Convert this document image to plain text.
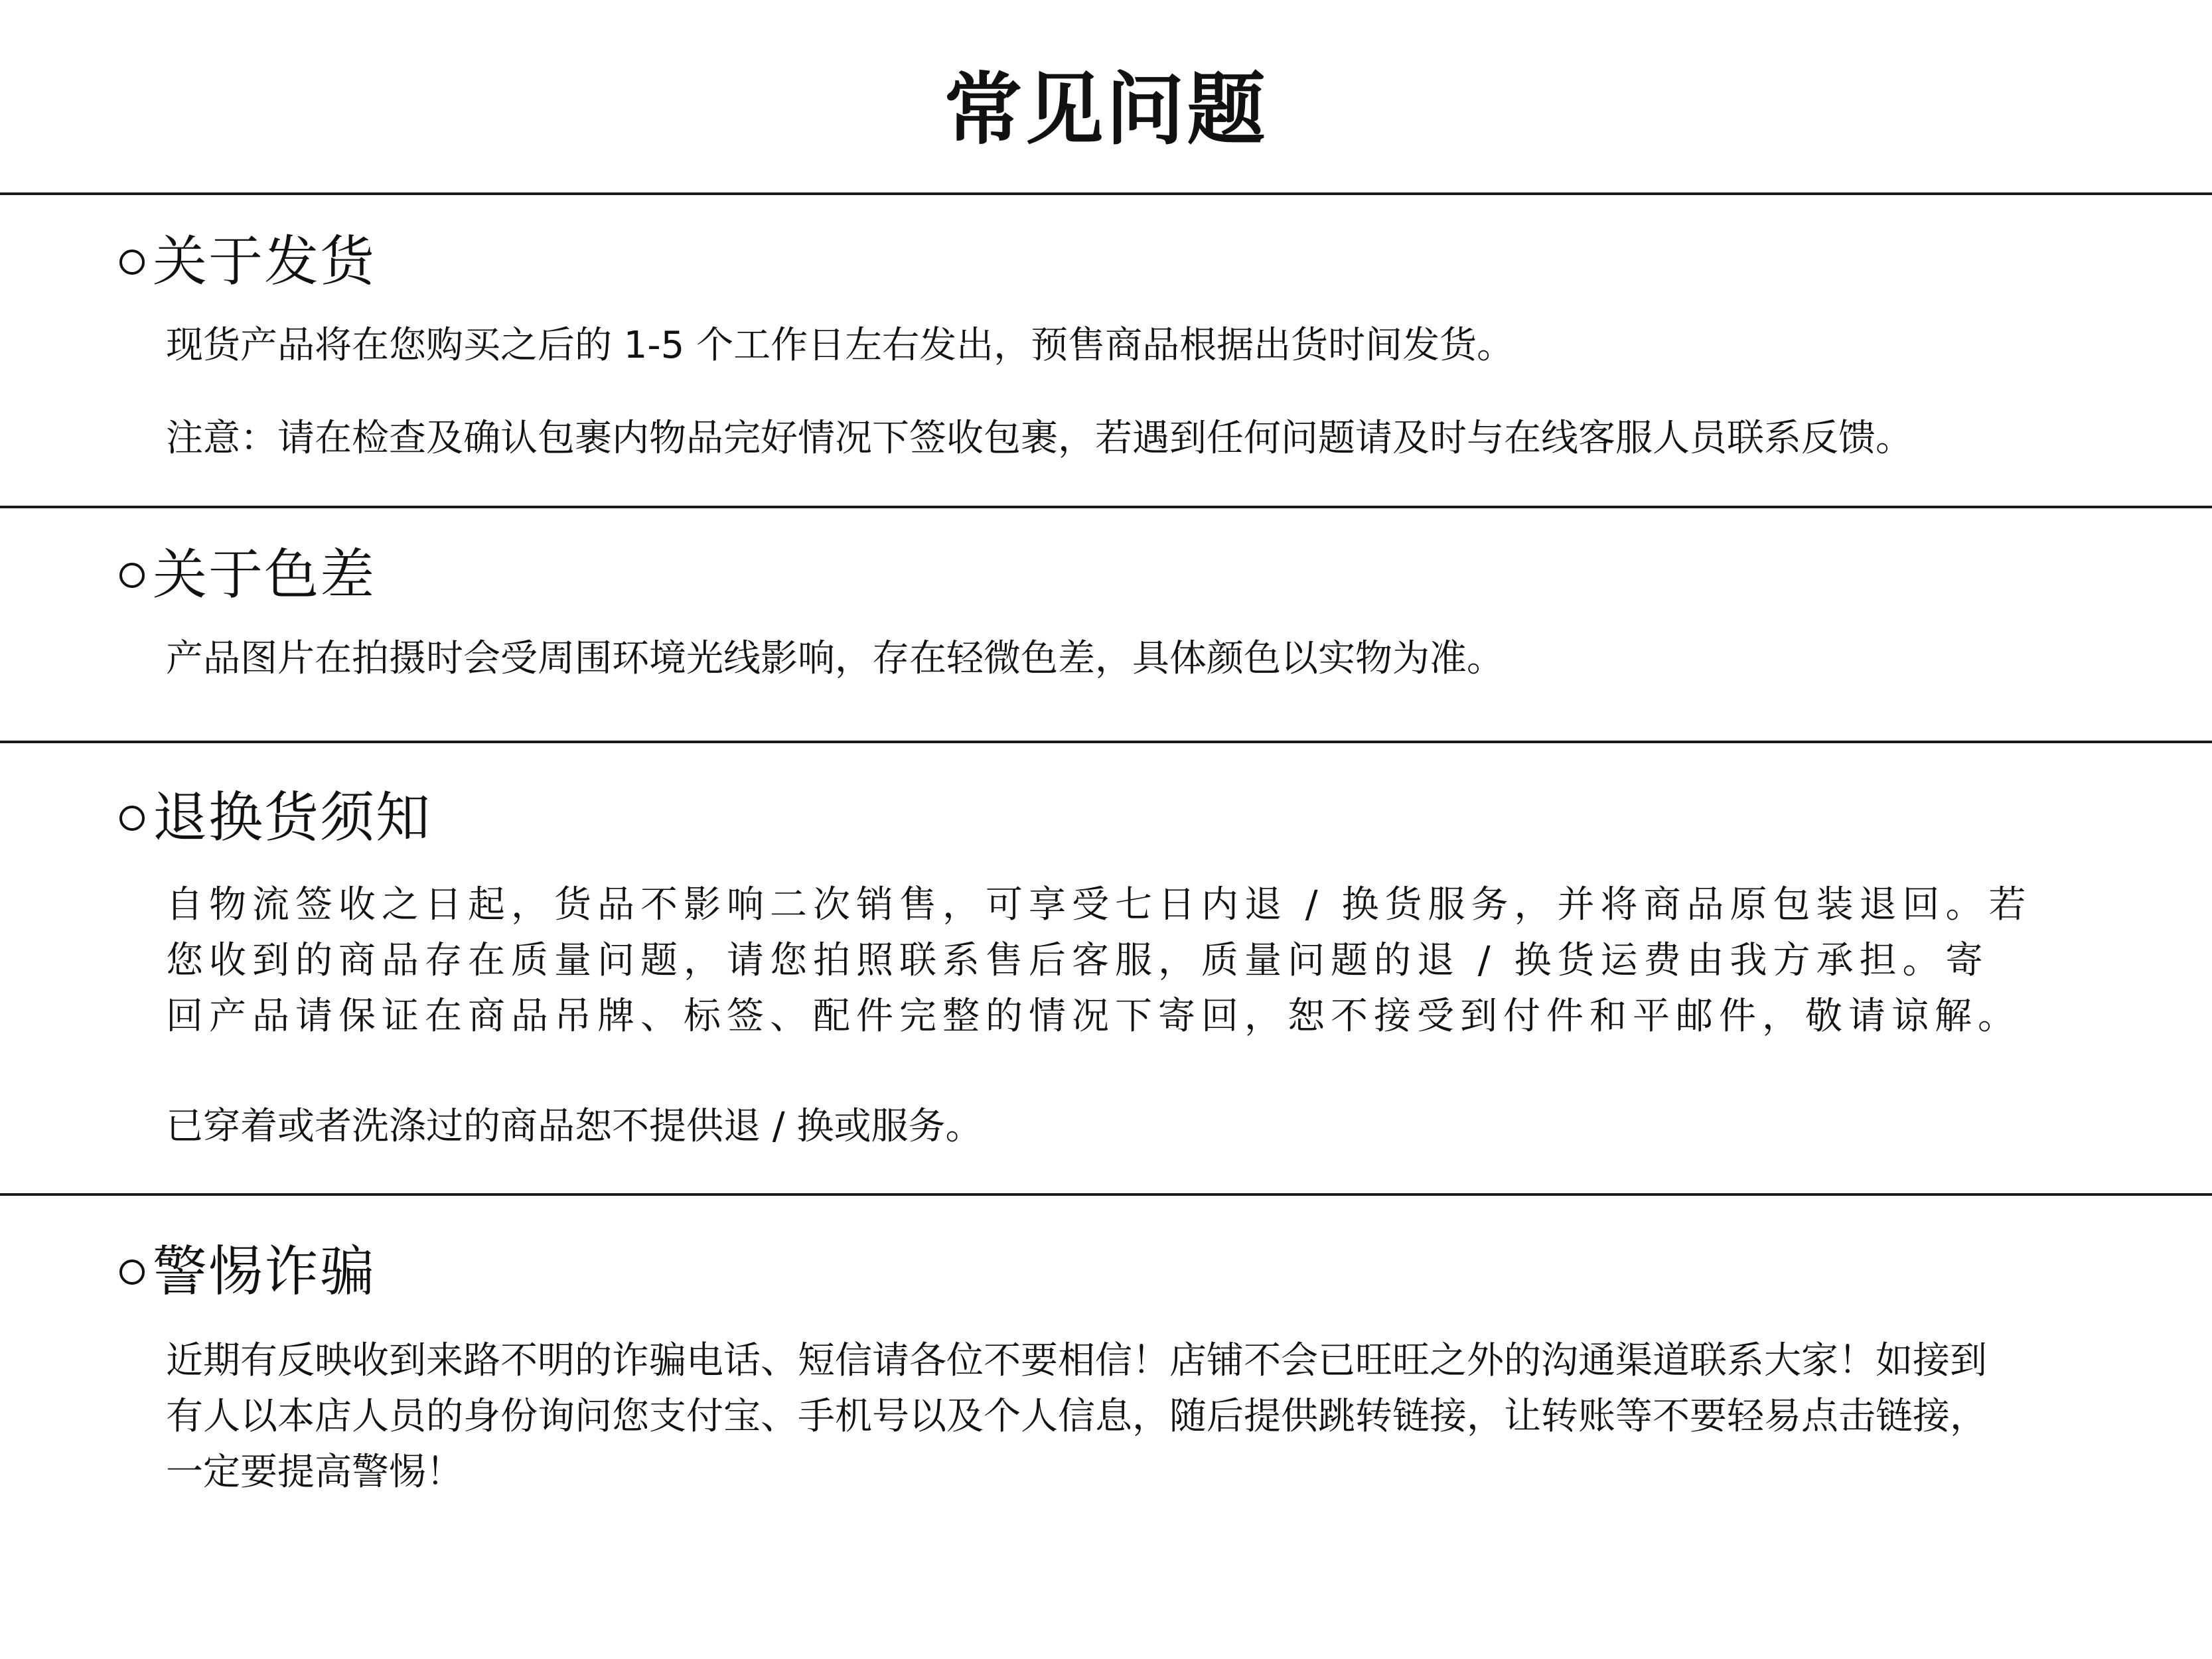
常见问题
关于发货

现货产品将在您购买之后的 1-5 个工作日左右发出，预售商品根据出货时间发货。

注意：请在检查及确认包裹内物品完好情况下签收包裹，若遇到任何问题请及时与在线客服人员联系反馈。

关于色差

产品图片在拍摄时会受周围环境光线影响，存在轻微色差，具体颜色以实物为准。

退换货须知

自物流签收之日起，货品不影响二次销售，可享受七日内退 / 换货服务，并将商品原包装退回。若

您收到的商品存在质量问题，请您拍照联系售后客服，质量问题的退 / 换货运费由我方承担。寄

回产品请保证在商品吊牌、标签、配件完整的情况下寄回，恕不接受到付件和平邮件，敬请谅解。

已穿着或者洗涤过的商品恕不提供退 / 换或服务。

警惕诈骗

近期有反映收到来路不明的诈骗电话、短信请各位不要相信！店铺不会已旺旺之外的沟通渠道联系大家！如接到

有人以本店人员的身份询问您支付宝、手机号以及个人信息，随后提供跳转链接，让转账等不要轻易点击链接，

一定要提高警惕！
